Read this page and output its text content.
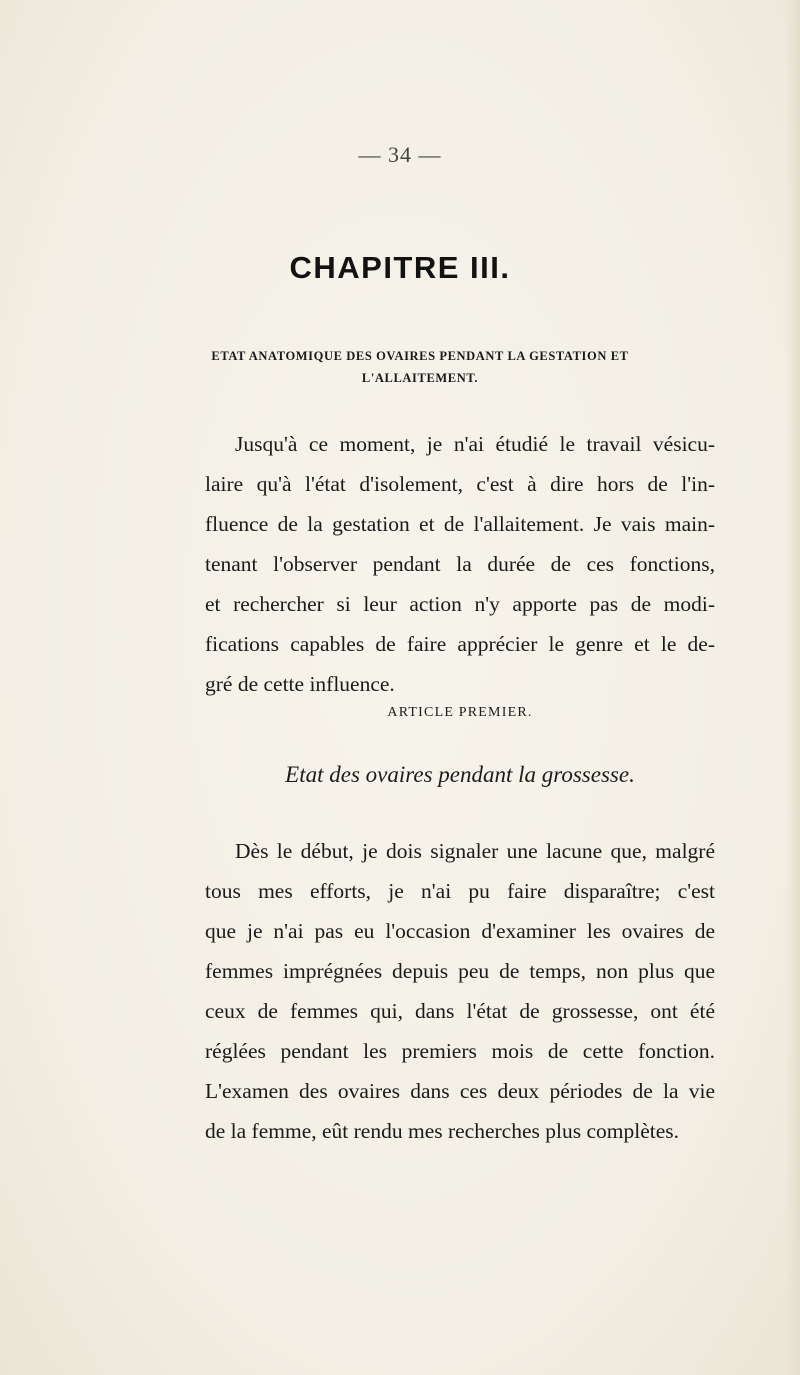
— 34 —
CHAPITRE III.
ETAT ANATOMIQUE DES OVAIRES PENDANT LA GESTATION ET
L'ALLAITEMENT.
Jusqu'à ce moment, je n'ai étudié le travail vésicu-
laire qu'à l'état d'isolement, c'est à dire hors de l'in-
fluence de la gestation et de l'allaitement. Je vais main-
tenant l'observer pendant la durée de ces fonctions,
et rechercher si leur action n'y apporte pas de modi-
fications capables de faire apprécier le genre et le de-
gré de cette influence.
ARTICLE PREMIER.
Etat des ovaires pendant la grossesse.
Dès le début, je dois signaler une lacune que, malgré
tous mes efforts, je n'ai pu faire disparaître; c'est
que je n'ai pas eu l'occasion d'examiner les ovaires de
femmes imprégnées depuis peu de temps, non plus que
ceux de femmes qui, dans l'état de grossesse, ont été
réglées pendant les premiers mois de cette fonction.
L'examen des ovaires dans ces deux périodes de la vie
de la femme, eût rendu mes recherches plus complètes.
